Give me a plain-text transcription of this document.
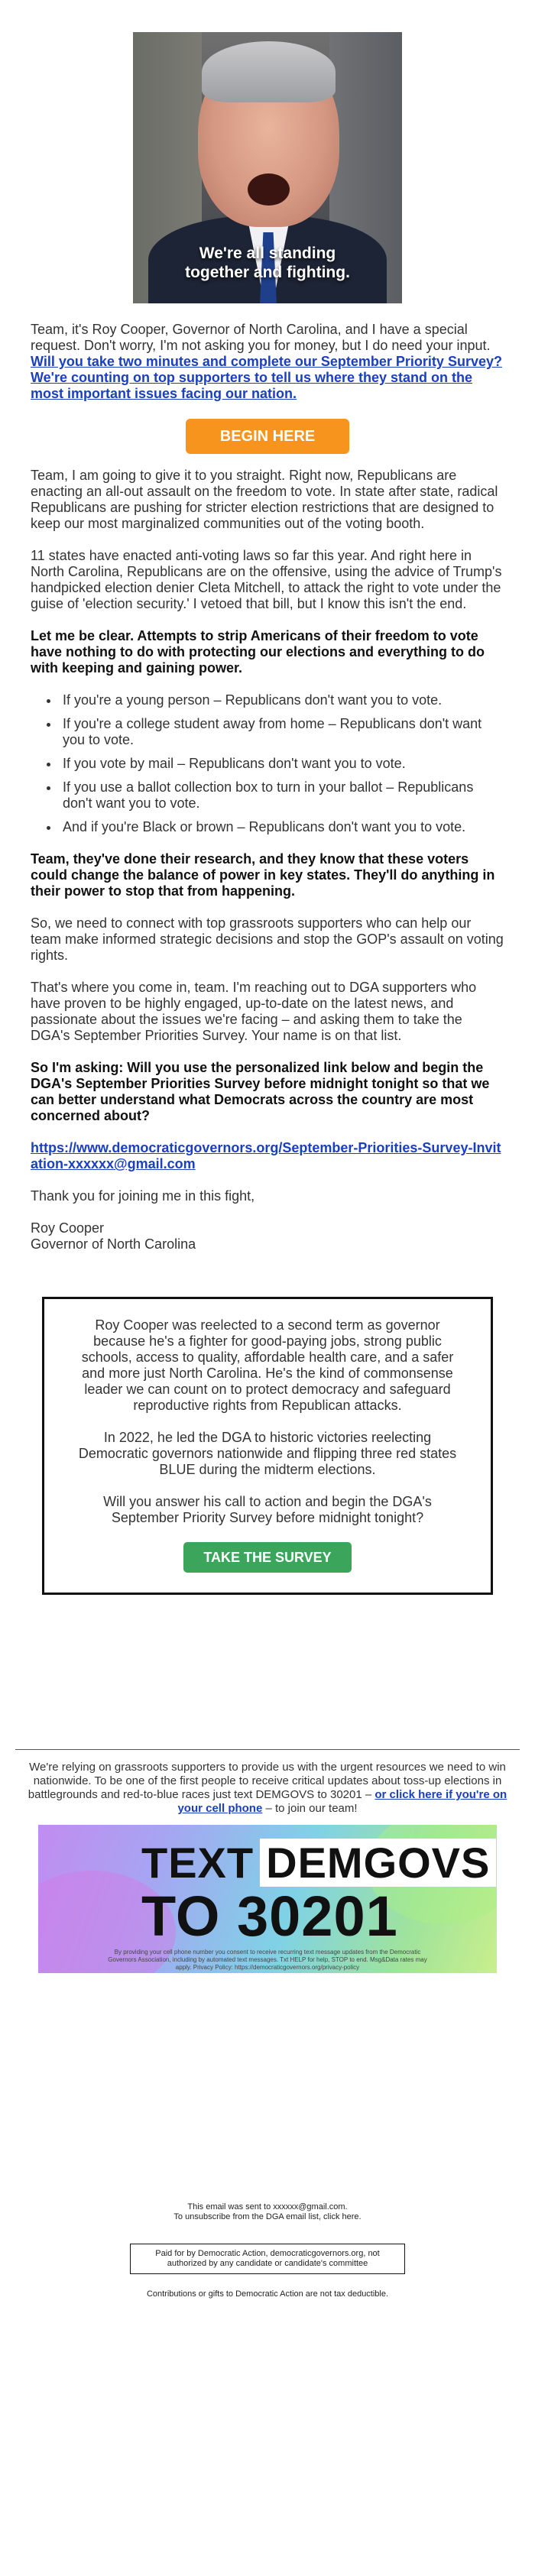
We're all standing
together and fighting.

Team, it's Roy Cooper, Governor of North Carolina, and I have a special request. Don't worry, I'm not asking you for money, but I do need your input. Will you take two minutes and complete our September Priority Survey? We're counting on top supporters to tell us where they stand on the most important issues facing our nation.

BEGIN HERE

Team, I am going to give it to you straight. Right now, Republicans are enacting an all-out assault on the freedom to vote. In state after state, radical Republicans are pushing for stricter election restrictions that are designed to keep our most marginalized communities out of the voting booth.

11 states have enacted anti-voting laws so far this year. And right here in North Carolina, Republicans are on the offensive, using the advice of Trump's handpicked election denier Cleta Mitchell, to attack the right to vote under the guise of 'election security.' I vetoed that bill, but I know this isn't the end.

Let me be clear. Attempts to strip Americans of their freedom to vote have nothing to do with protecting our elections and everything to do with keeping and gaining power.

• If you're a young person – Republicans don't want you to vote.
• If you're a college student away from home – Republicans don't want you to vote.
• If you vote by mail – Republicans don't want you to vote.
• If you use a ballot collection box to turn in your ballot – Republicans don't want you to vote.
• And if you're Black or brown – Republicans don't want you to vote.

Team, they've done their research, and they know that these voters could change the balance of power in key states. They'll do anything in their power to stop that from happening.

So, we need to connect with top grassroots supporters who can help our team make informed strategic decisions and stop the GOP's assault on voting rights.

That's where you come in, team. I'm reaching out to DGA supporters who have proven to be highly engaged, up-to-date on the latest news, and passionate about the issues we're facing – and asking them to take the DGA's September Priorities Survey. Your name is on that list.

So I'm asking: Will you use the personalized link below and begin the DGA's September Priorities Survey before midnight tonight so that we can better understand what Democrats across the country are most concerned about?

https://www.democraticgovernors.org/September-Priorities-Survey-Invitation-xxxxxx@gmail.com

Thank you for joining me in this fight,

Roy Cooper
Governor of North Carolina

Roy Cooper was reelected to a second term as governor because he's a fighter for good-paying jobs, strong public schools, access to quality, affordable health care, and a safer and more just North Carolina. He's the kind of commonsense leader we can count on to protect democracy and safeguard reproductive rights from Republican attacks.

In 2022, he led the DGA to historic victories reelecting Democratic governors nationwide and flipping three red states BLUE during the midterm elections.

Will you answer his call to action and begin the DGA's September Priority Survey before midnight tonight?

TAKE THE SURVEY

We're relying on grassroots supporters to provide us with the urgent resources we need to win nationwide. To be one of the first people to receive critical updates about toss-up elections in battlegrounds and red-to-blue races just text DEMGOVS to 30201 – or click here if you're on your cell phone – to join our team!

TEXT DEMGOVS
TO 30201
By providing your cell phone number you consent to receive recurring text message updates from the Democratic Governors Association, including by automated text messages. Txt HELP for help, STOP to end. Msg&Data rates may apply. Privacy Policy: https://democraticgovernors.org/privacy-policy
This email was sent to xxxxxx@gmail.com.
To unsubscribe from the DGA email list, click here.
Paid for by Democratic Action, democraticgovernors.org, not authorized by any candidate or candidate's committee
Contributions or gifts to Democratic Action are not tax deductible.
